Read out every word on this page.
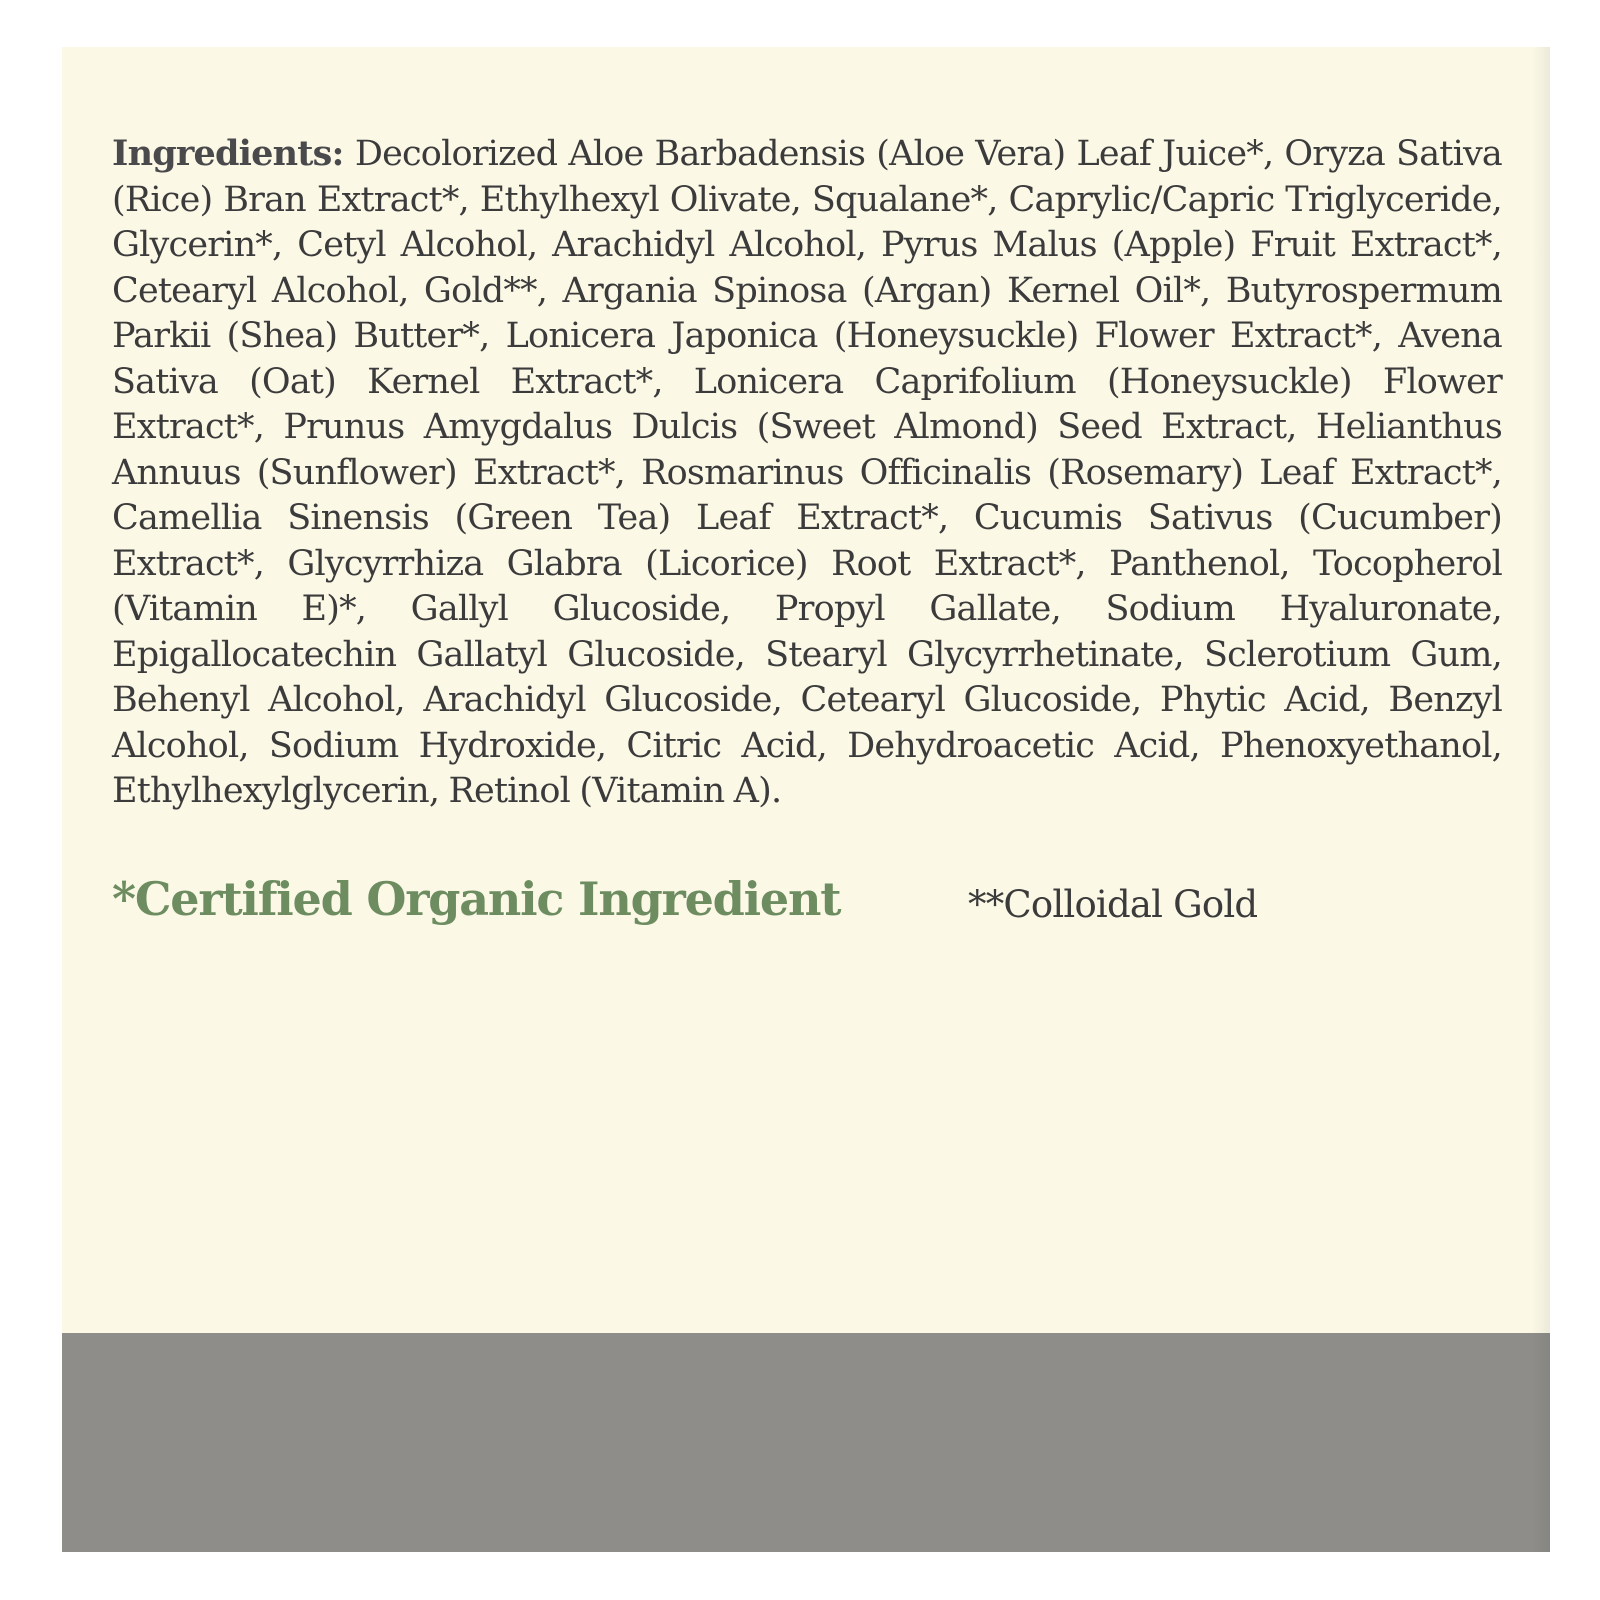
Ingredients: Decolorized Aloe Barbadensis (Aloe Vera) Leaf Juice*, Oryza Sativa (Rice) Bran Extract*, Ethylhexyl Olivate, Squalane*, Caprylic/Capric Triglyceride, Glycerin*, Cetyl Alcohol, Arachidyl Alcohol, Pyrus Malus (Apple) Fruit Extract*, Cetearyl Alcohol, Gold**, Argania Spinosa (Argan) Kernel Oil*, Butyrospermum Parkii (Shea) Butter*, Lonicera Japonica (Honeysuckle) Flower Extract*, Avena Sativa (Oat) Kernel Extract*, Lonicera Caprifolium (Honeysuckle) Flower Extract*, Prunus Amygdalus Dulcis (Sweet Almond) Seed Extract, Helianthus Annuus (Sunflower) Extract*, Rosmarinus Officinalis (Rosemary) Leaf Extract*, Camellia Sinensis (Green Tea) Leaf Extract*, Cucumis Sativus (Cucumber) Extract*, Glycyrrhiza Glabra (Licorice) Root Extract*, Panthenol, Tocopherol (Vitamin E)*, Gallyl Glucoside, Propyl Gallate, Sodium Hyaluronate, Epigallocatechin Gallatyl Glucoside, Stearyl Glycyrrhetinate, Sclerotium Gum, Behenyl Alcohol, Arachidyl Glucoside, Cetearyl Glucoside, Phytic Acid, Benzyl Alcohol, Sodium Hydroxide, Citric Acid, Dehydroacetic Acid, Phenoxyethanol, Ethylhexylglycerin, Retinol (Vitamin A).

*Certified Organic Ingredient	**Colloidal Gold
